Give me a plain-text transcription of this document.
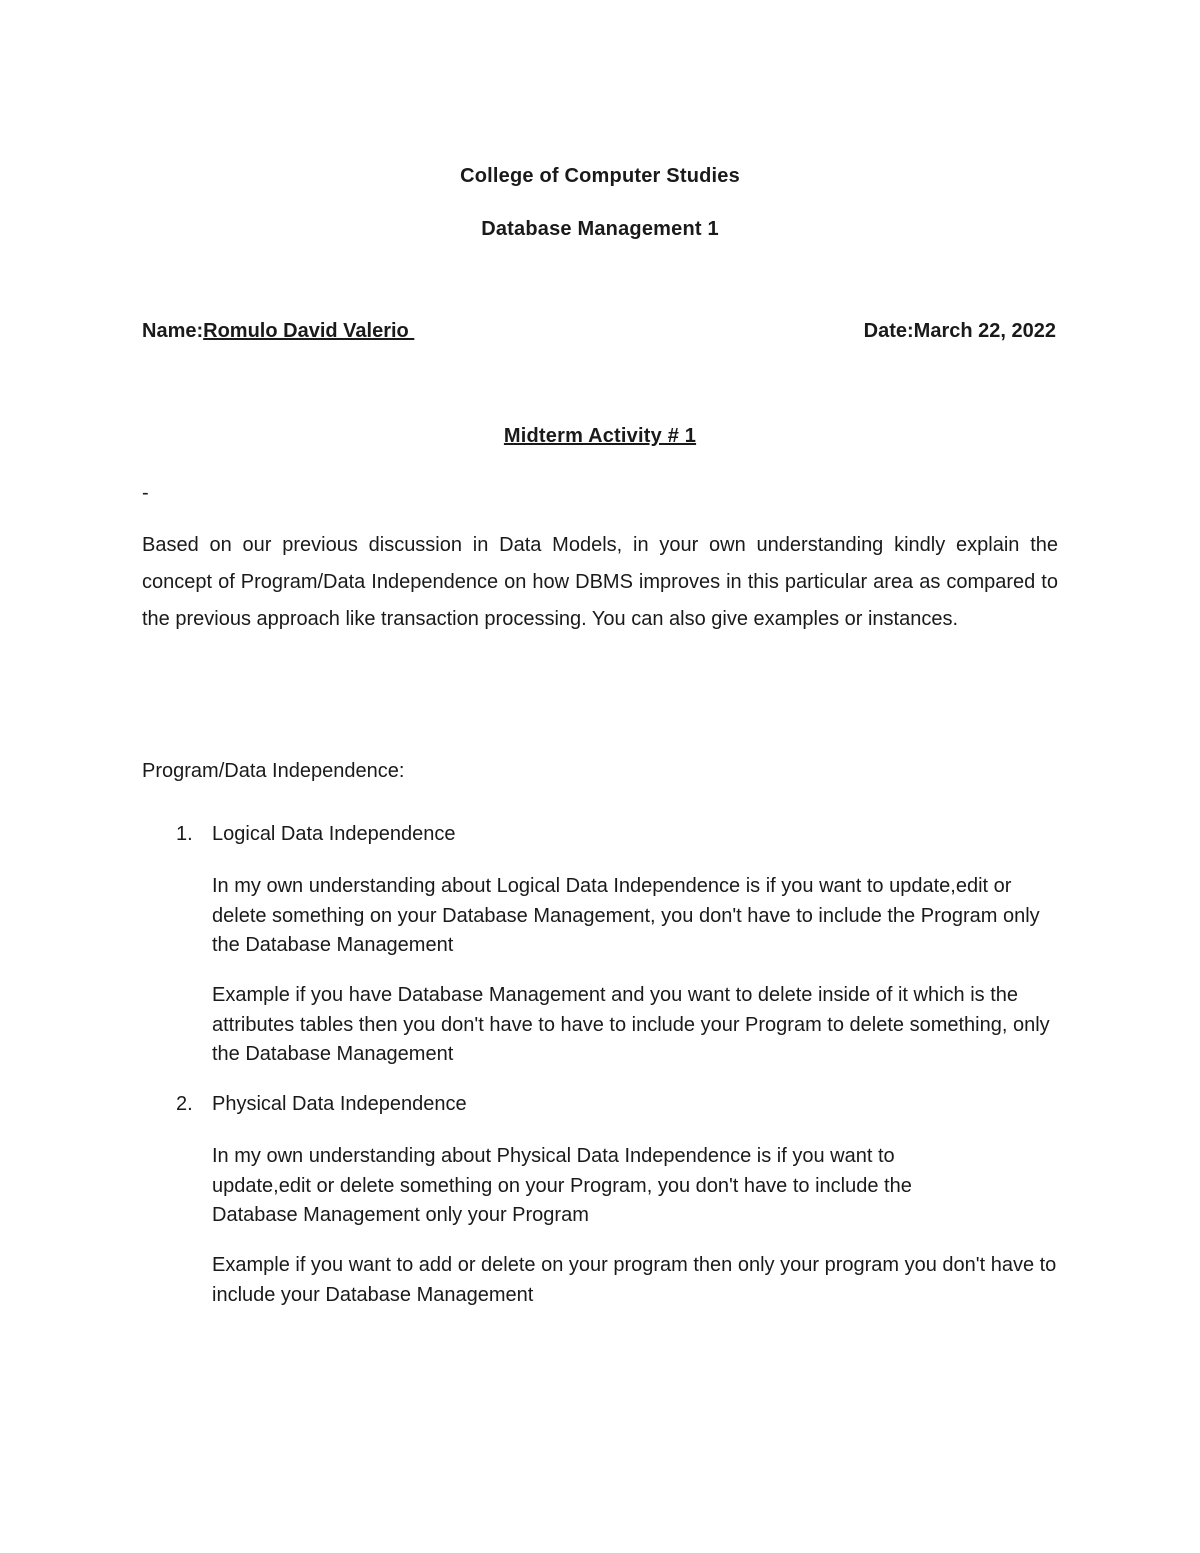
College of Computer Studies
Database Management 1
Name:Romulo David Valerio	Date:March 22, 2022
Midterm Activity # 1
-
Based on our previous discussion in Data Models, in your own understanding kindly explain the concept of Program/Data Independence on how DBMS improves in this particular area as compared to the previous approach like transaction processing. You can also give examples or instances.
Program/Data Independence:
1. Logical Data Independence
In my own understanding about Logical Data Independence is if you want to update,edit or delete something on your Database Management, you don't have to include the Program only the Database Management
Example if you have Database Management and you want to delete inside of it which is the attributes tables then you don't have to have to include your Program to delete something, only the Database Management
2. Physical Data Independence
In my own understanding about Physical Data Independence is if you want to update,edit or delete something on your Program, you don't have to include the Database Management only your Program
Example if you want to add or delete on your program then only your program you don't have to include your Database Management
